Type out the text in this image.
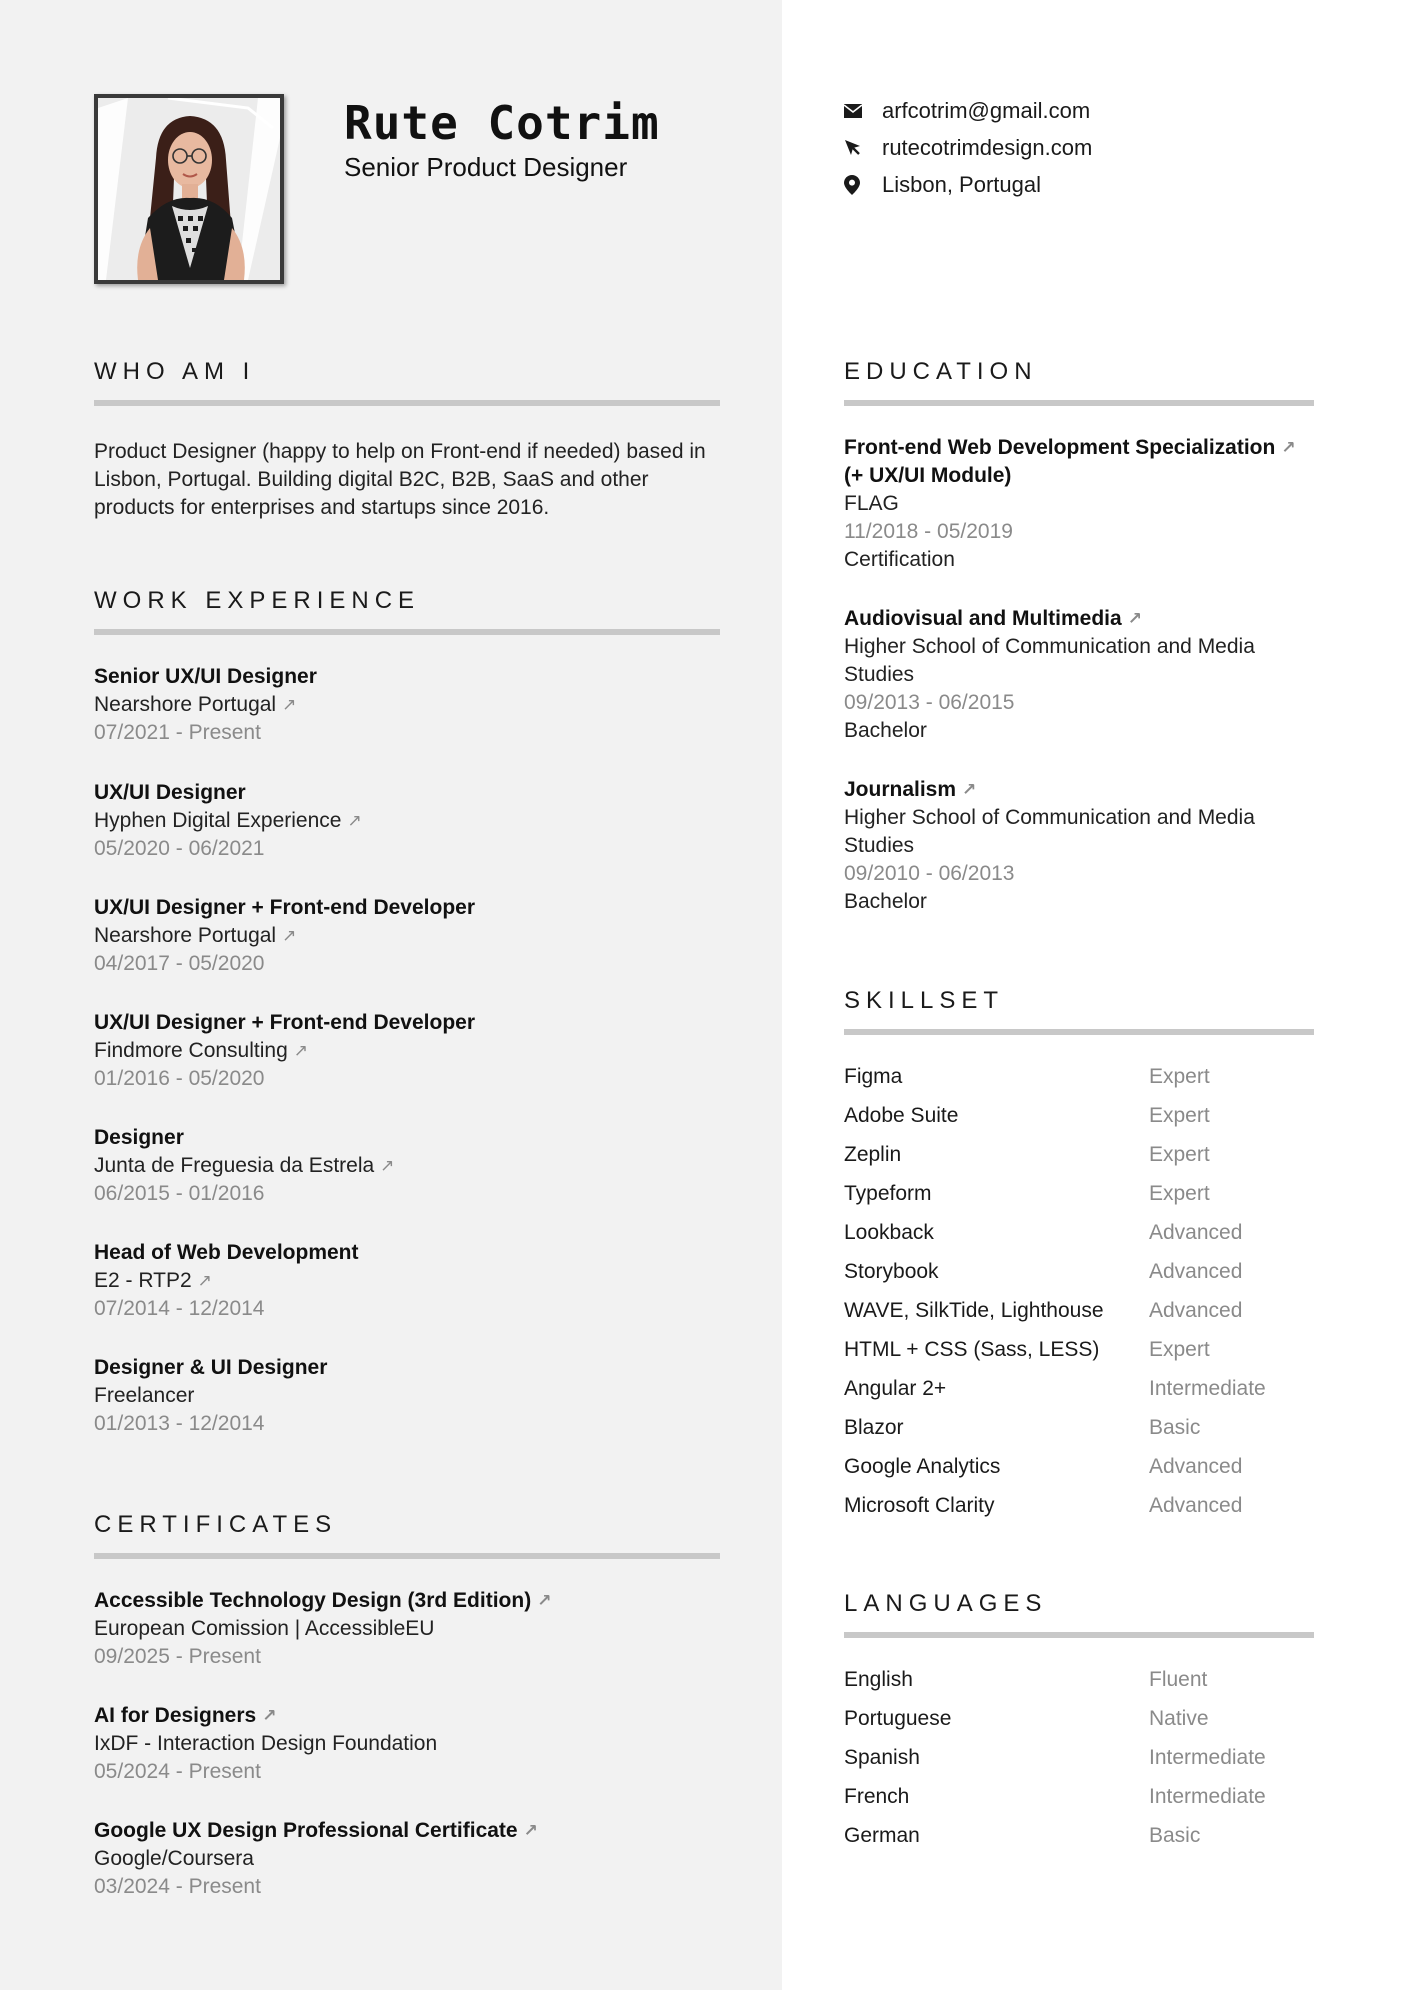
Rute Cotrim
Senior Product Designer
arfcotrim@gmail.com
rutecotrimdesign.com
Lisbon, Portugal
WHO AM I
Product Designer (happy to help on Front-end if needed) based in Lisbon, Portugal. Building digital B2C, B2B, SaaS and other products for enterprises and startups since 2016.
WORK EXPERIENCE
Senior UX/UI Designer
Nearshore Portugal ↗
07/2021 - Present
UX/UI Designer
Hyphen Digital Experience ↗
05/2020 - 06/2021
UX/UI Designer + Front-end Developer
Nearshore Portugal ↗
04/2017 - 05/2020
UX/UI Designer + Front-end Developer
Findmore Consulting ↗
01/2016 - 05/2020
Designer
Junta de Freguesia da Estrela ↗
06/2015 - 01/2016
Head of Web Development
E2 - RTP2 ↗
07/2014 - 12/2014
Designer & UI Designer
Freelancer
01/2013 - 12/2014
CERTIFICATES
Accessible Technology Design (3rd Edition) ↗
European Comission | AccessibleEU
09/2025 - Present
AI for Designers ↗
IxDF - Interaction Design Foundation
05/2024 - Present
Google UX Design Professional Certificate ↗
Google/Coursera
03/2024 - Present
EDUCATION
Front-end Web Development Specialization ↗
(+ UX/UI Module)
FLAG
11/2018 - 05/2019
Certification
Audiovisual and Multimedia ↗
Higher School of Communication and Media Studies
09/2013 - 06/2015
Bachelor
Journalism ↗
Higher School of Communication and Media Studies
09/2010 - 06/2013
Bachelor
SKILLSET
Figma	Expert
Adobe Suite	Expert
Zeplin	Expert
Typeform	Expert
Lookback	Advanced
Storybook	Advanced
WAVE, SilkTide, Lighthouse	Advanced
HTML + CSS (Sass, LESS)	Expert
Angular 2+	Intermediate
Blazor	Basic
Google Analytics	Advanced
Microsoft Clarity	Advanced
LANGUAGES
English	Fluent
Portuguese	Native
Spanish	Intermediate
French	Intermediate
German	Basic
